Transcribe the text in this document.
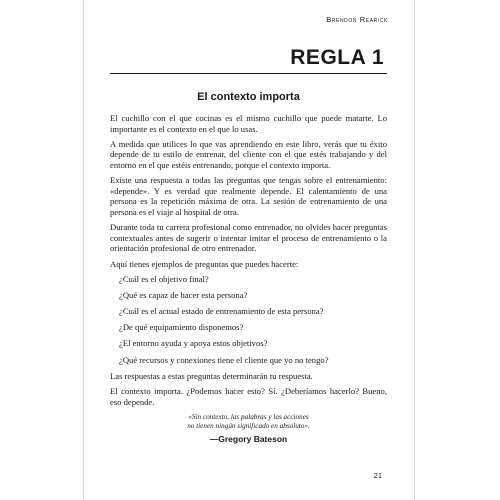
Brendon Rearick
REGLA 1
El contexto importa

El cuchillo con el que cocinas es el mismo cuchillo que puede matarte. Lo importante es el contexto en el que lo usas.

A medida que utilices lo que vas aprendiendo en este libro, verás que tu éxito depende de tu estilo de entrenar, del cliente con el que estés trabajando y del entorno en el que estéis entrenando, porque el contexto importa.

Existe una respuesta a todas las preguntas que tengas sobre el entrenamiento: «depende». Y es verdad que realmente depende. El calentamiento de una persona es la repetición máxima de otra. La sesión de entrenamiento de una persona es el viaje al hospital de otra.

Durante toda tu carrera profesional como entrenador, no olvides hacer preguntas contextuales antes de sugerir o intentar imitar el proceso de entrenamiento o la orientación profesional de otro entrenador.

Aquí tienes ejemplos de preguntas que puedes hacerte:

¿Cuál es el objetivo final?

¿Qué es capaz de hacer esta persona?

¿Cuál es el actual estado de entrenamiento de esta persona?

¿De qué equipamiento disponemos?

¿El entorno ayuda y apoya estos objetivos?

¿Qué recursos y conexiones tiene el cliente que yo no tengo?

Las respuestas a estas preguntas determinarán tu respuesta.

El contexto importa. ¿Podemos hacer esto? Sí. ¿Deberíamos hacerlo? Bueno, eso depende.

«Sin contexto, las palabras y las acciones
no tienen ningún significado en absoluto».
—Gregory Bateson
21
